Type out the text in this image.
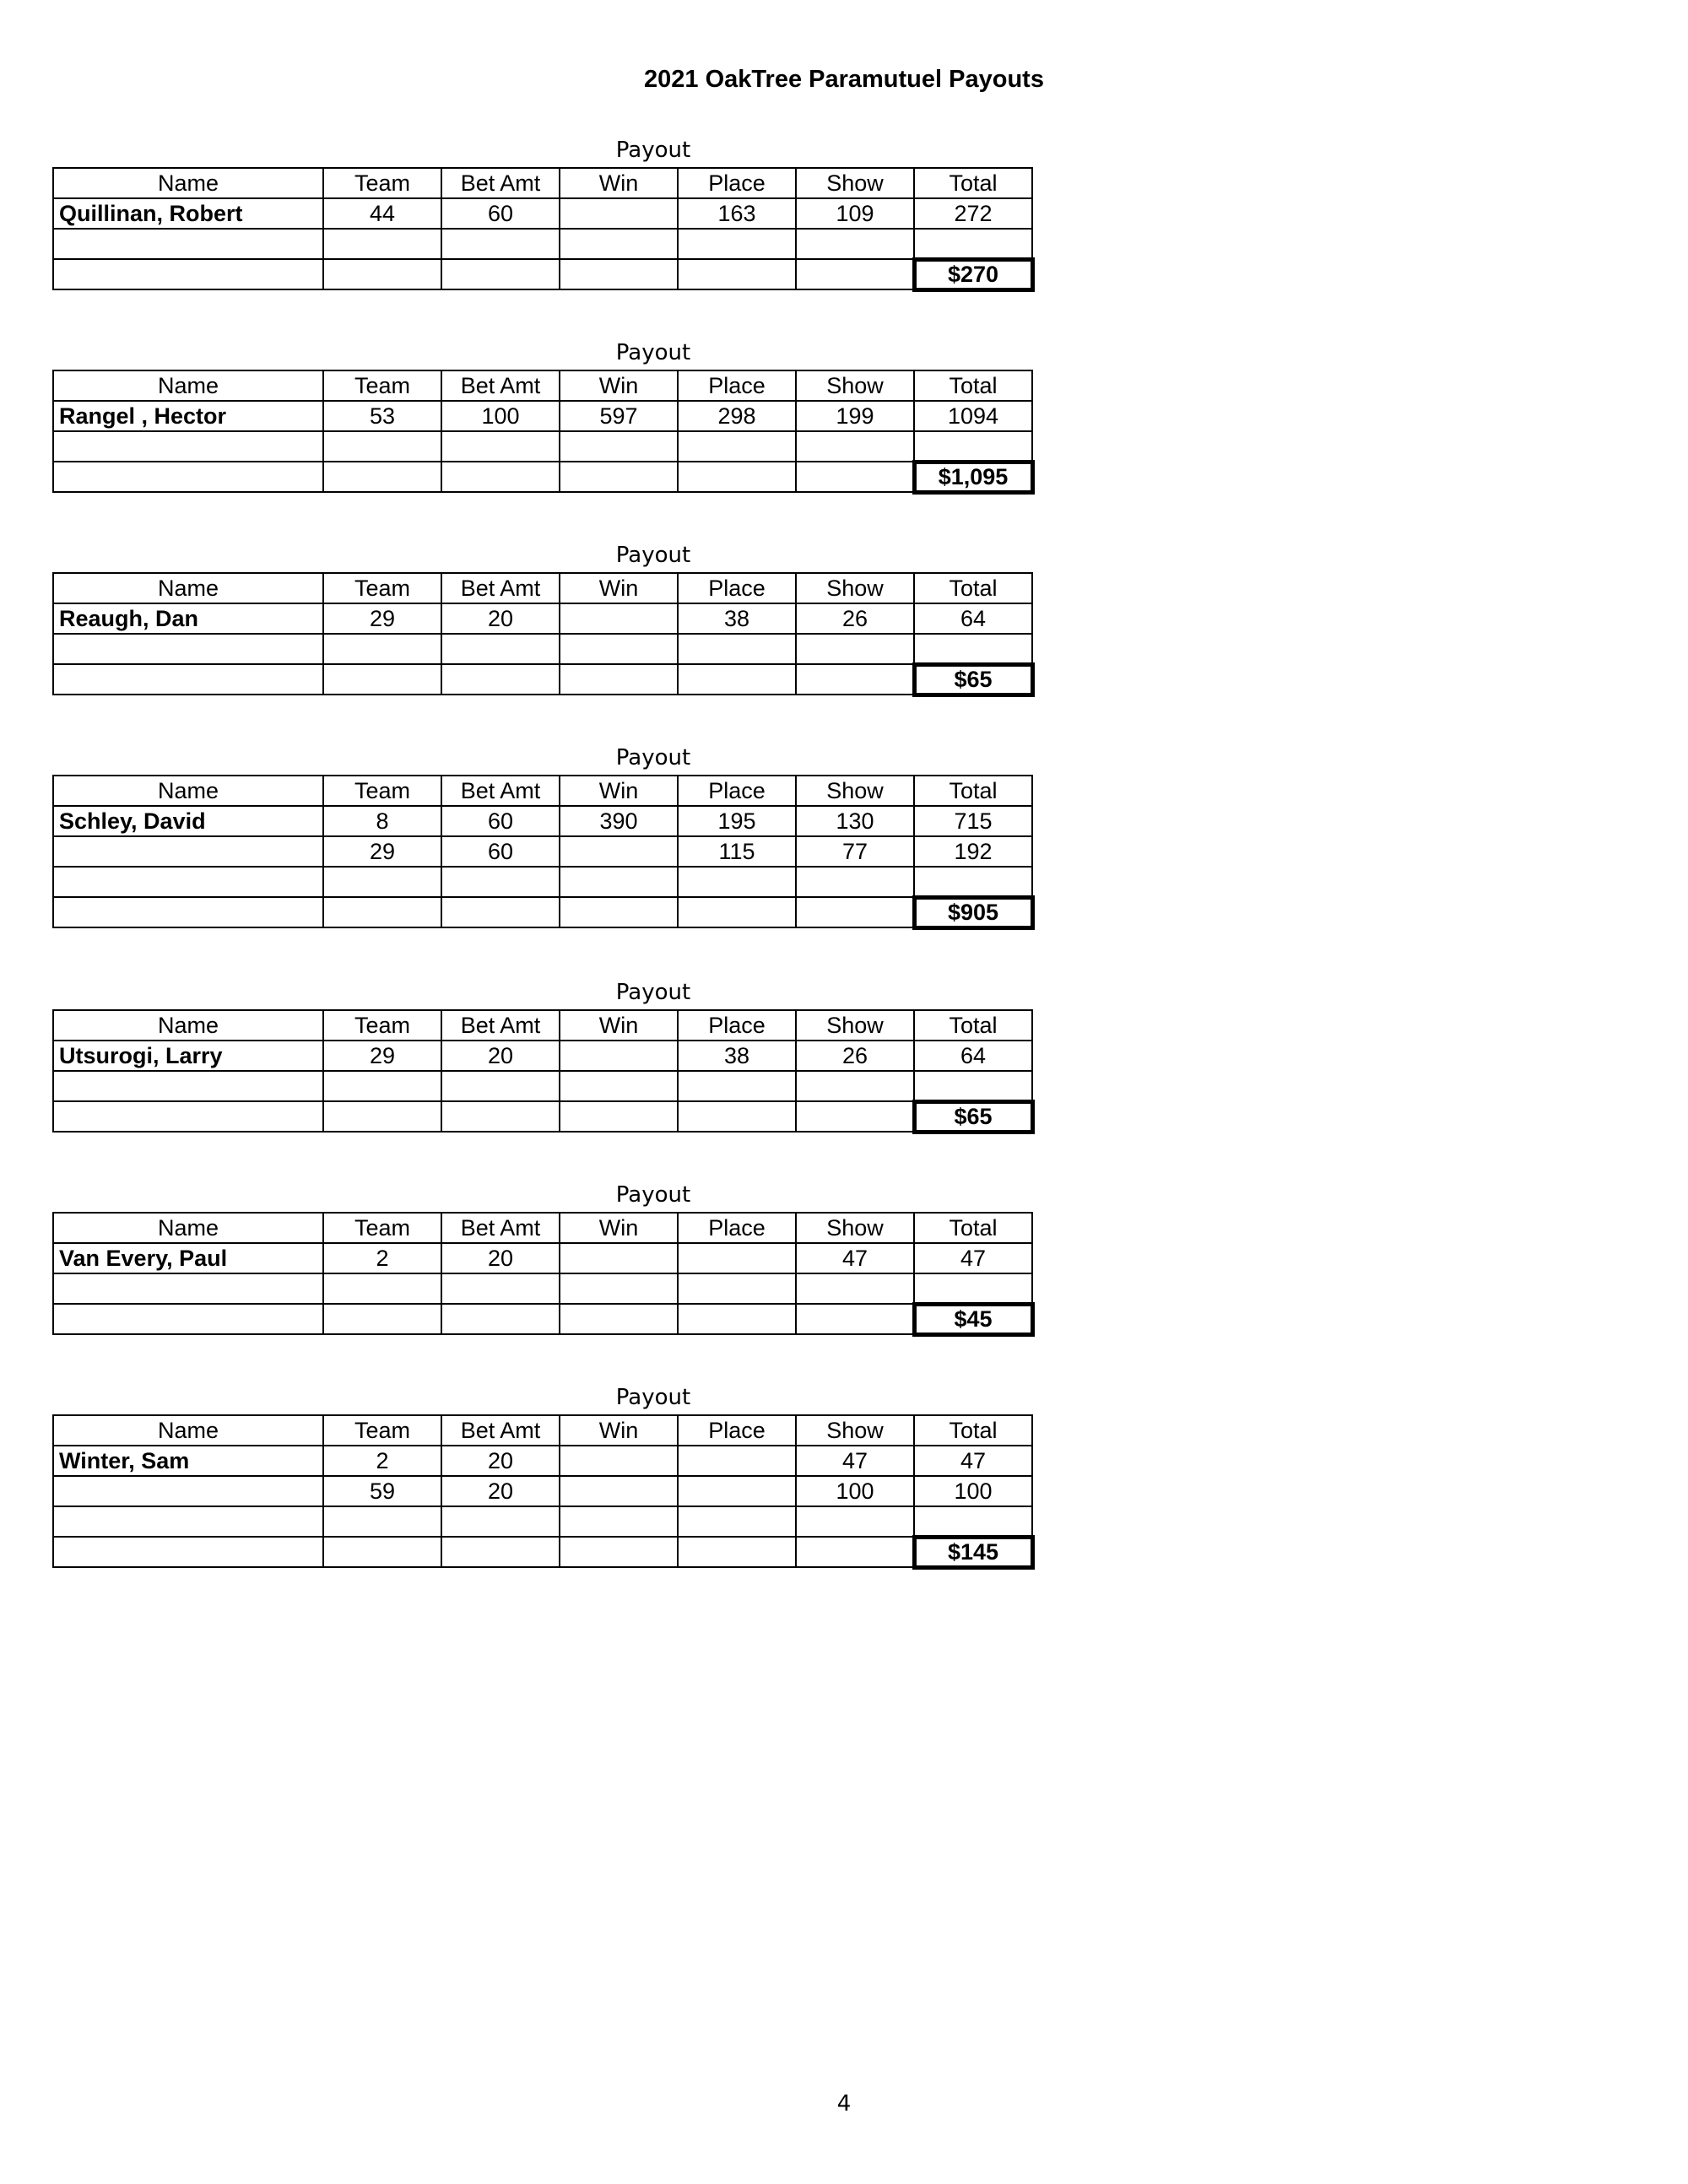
2021 OakTree Paramutuel Payouts
Payout
Name	Team	Bet Amt	Win	Place	Show	Total
Quillinan, Robert	44	60		163	109	272

						$270
Payout
Name	Team	Bet Amt	Win	Place	Show	Total
Rangel , Hector	53	100	597	298	199	1094

						$1,095
Payout
Name	Team	Bet Amt	Win	Place	Show	Total
Reaugh, Dan	29	20		38	26	64

						$65
Payout
Name	Team	Bet Amt	Win	Place	Show	Total
Schley, David	8	60	390	195	130	715
	29	60		115	77	192

						$905
Payout
Name	Team	Bet Amt	Win	Place	Show	Total
Utsurogi, Larry	29	20		38	26	64

						$65
Payout
Name	Team	Bet Amt	Win	Place	Show	Total
Van Every, Paul	2	20			47	47

						$45
Payout
Name	Team	Bet Amt	Win	Place	Show	Total
Winter, Sam	2	20			47	47
	59	20			100	100

						$145
4
